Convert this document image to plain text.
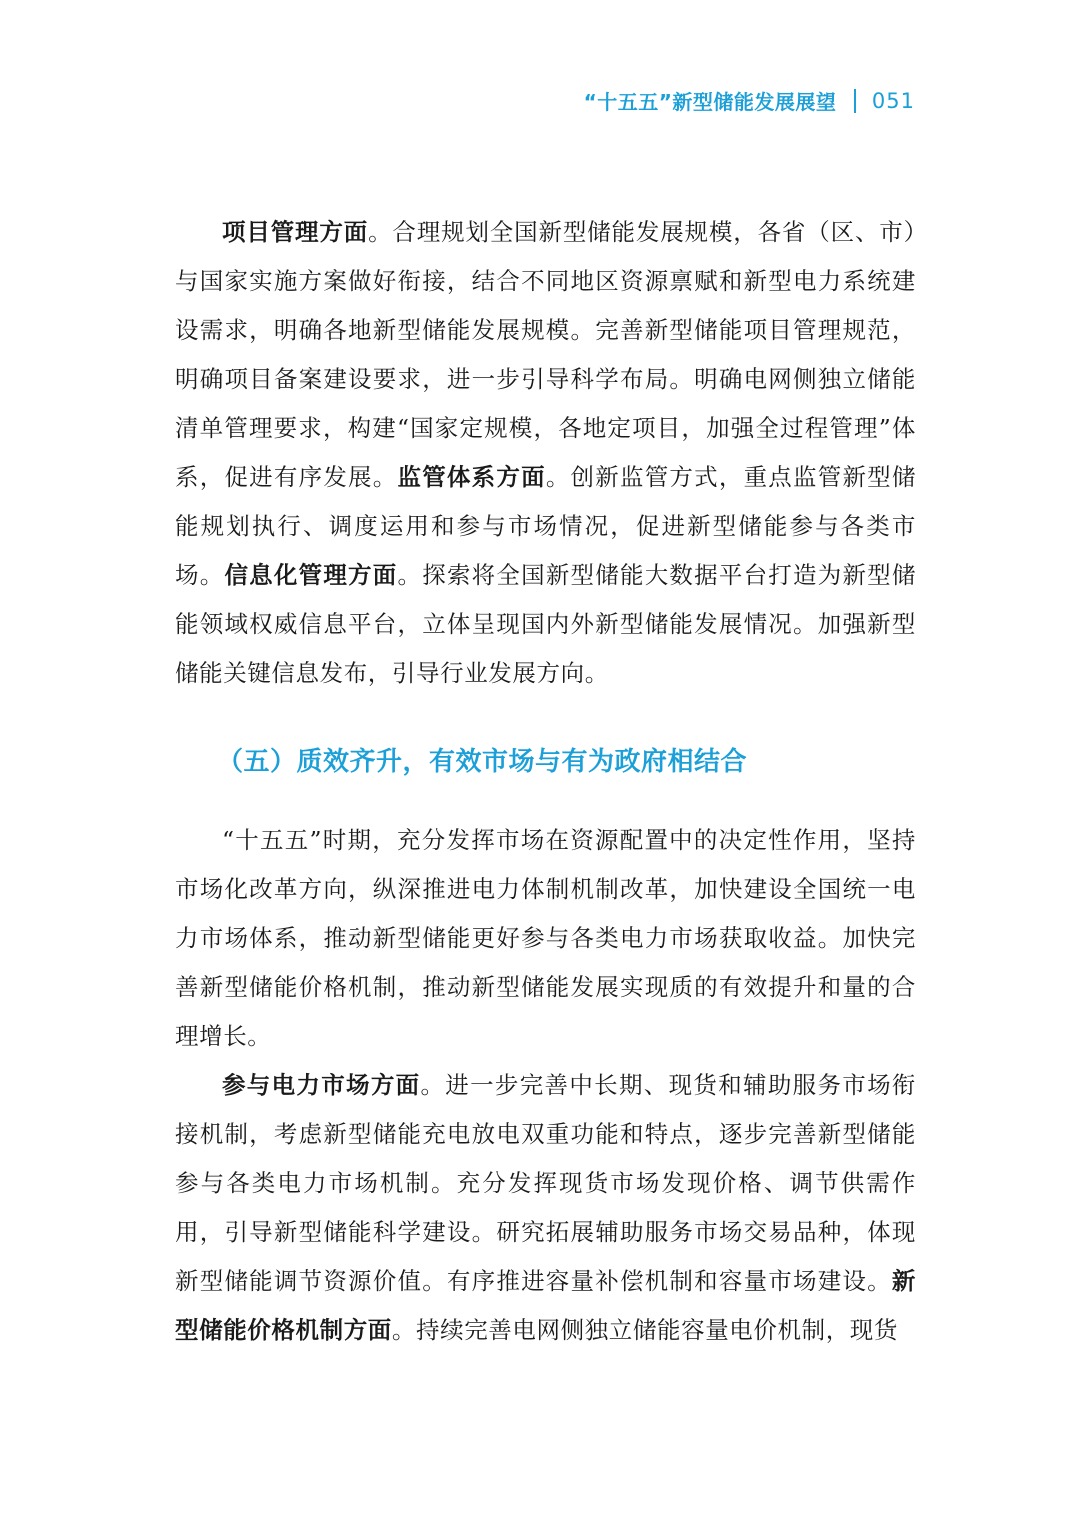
“十五五”新型储能发展展望 051

项目管理方面。合理规划全国新型储能发展规模，各省（区、市）与国家实施方案做好衔接，结合不同地区资源禀赋和新型电力系统建设需求，明确各地新型储能发展规模。完善新型储能项目管理规范，明确项目备案建设要求，进一步引导科学布局。明确电网侧独立储能清单管理要求，构建“国家定规模，各地定项目，加强全过程管理”体系，促进有序发展。监管体系方面。创新监管方式，重点监管新型储能规划执行、调度运用和参与市场情况，促进新型储能参与各类市场。信息化管理方面。探索将全国新型储能大数据平台打造为新型储能领域权威信息平台，立体呈现国内外新型储能发展情况。加强新型储能关键信息发布，引导行业发展方向。

（五）质效齐升，有效市场与有为政府相结合

“十五五”时期，充分发挥市场在资源配置中的决定性作用，坚持市场化改革方向，纵深推进电力体制机制改革，加快建设全国统一电力市场体系，推动新型储能更好参与各类电力市场获取收益。加快完善新型储能价格机制，推动新型储能发展实现质的有效提升和量的合理增长。

参与电力市场方面。进一步完善中长期、现货和辅助服务市场衔接机制，考虑新型储能充电放电双重功能和特点，逐步完善新型储能参与各类电力市场机制。充分发挥现货市场发现价格、调节供需作用，引导新型储能科学建设。研究拓展辅助服务市场交易品种，体现新型储能调节资源价值。有序推进容量补偿机制和容量市场建设。新型储能价格机制方面。持续完善电网侧独立储能容量电价机制，现货
